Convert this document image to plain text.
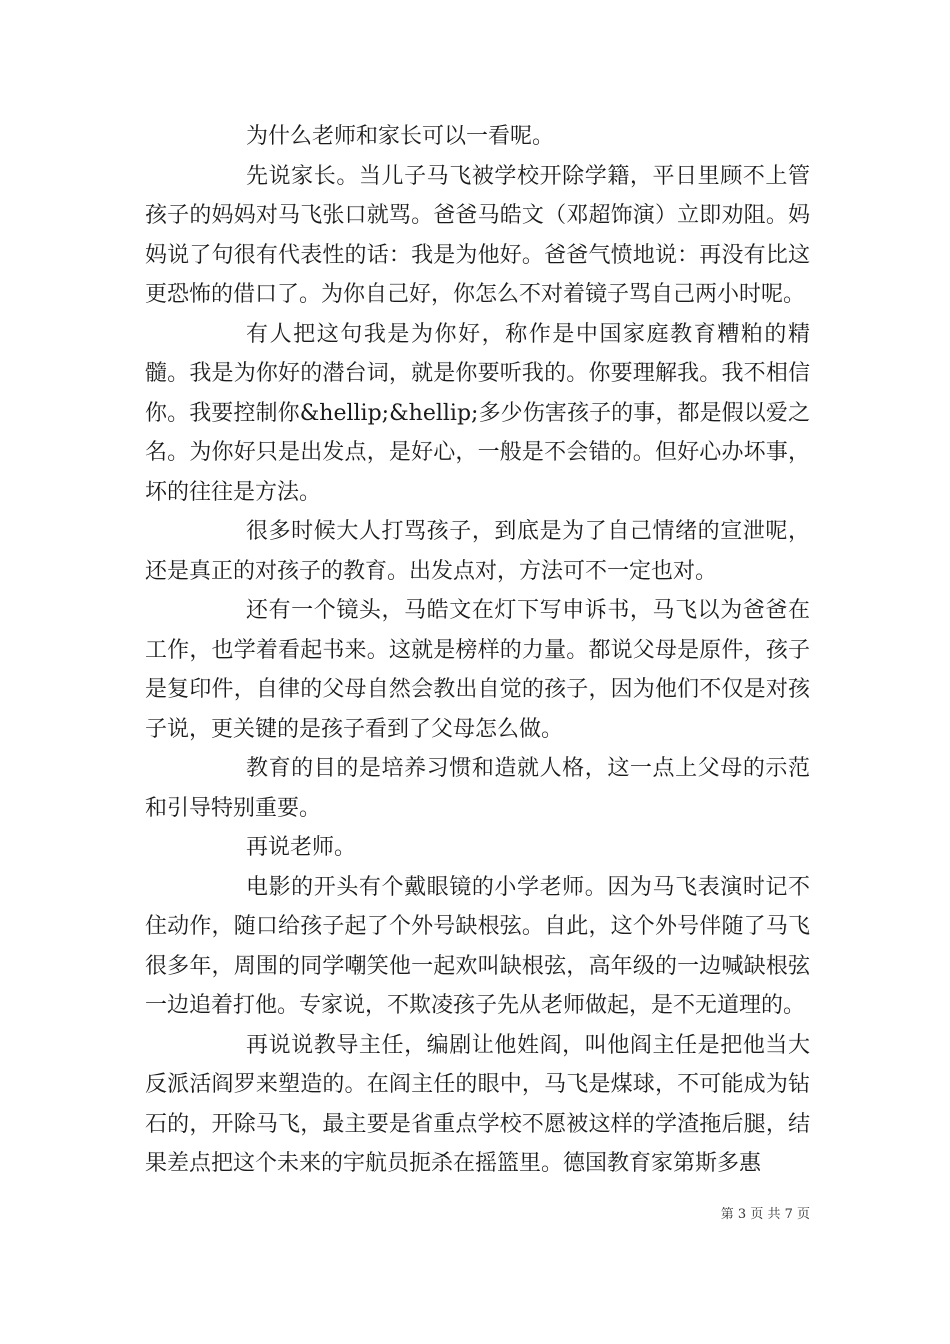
为什么老师和家长可以一看呢。

先说家长。当儿子马飞被学校开除学籍，平日里顾不上管孩子的妈妈对马飞张口就骂。爸爸马皓文（邓超饰演）立即劝阻。妈妈说了句很有代表性的话：我是为他好。爸爸气愤地说：再没有比这更恐怖的借口了。为你自己好，你怎么不对着镜子骂自己两小时呢。

有人把这句我是为你好，称作是中国家庭教育糟粕的精髓。我是为你好的潜台词，就是你要听我的。你要理解我。我不相信你。我要控制你&hellip;&hellip;多少伤害孩子的事，都是假以爱之名。为你好只是出发点，是好心，一般是不会错的。但好心办坏事，坏的往往是方法。

很多时候大人打骂孩子，到底是为了自己情绪的宣泄呢，还是真正的对孩子的教育。出发点对，方法可不一定也对。

还有一个镜头，马皓文在灯下写申诉书，马飞以为爸爸在工作，也学着看起书来。这就是榜样的力量。都说父母是原件，孩子是复印件，自律的父母自然会教出自觉的孩子，因为他们不仅是对孩子说，更关键的是孩子看到了父母怎么做。

教育的目的是培养习惯和造就人格，这一点上父母的示范和引导特别重要。

再说老师。

电影的开头有个戴眼镜的小学老师。因为马飞表演时记不住动作，随口给孩子起了个外号缺根弦。自此，这个外号伴随了马飞很多年，周围的同学嘲笑他一起欢叫缺根弦，高年级的一边喊缺根弦一边追着打他。专家说，不欺凌孩子先从老师做起，是不无道理的。

再说说教导主任，编剧让他姓阎，叫他阎主任是把他当大反派活阎罗来塑造的。在阎主任的眼中，马飞是煤球，不可能成为钻石的，开除马飞，最主要是省重点学校不愿被这样的学渣拖后腿，结果差点把这个未来的宇航员扼杀在摇篮里。德国教育家第斯多惠

第 3 页 共 7 页
